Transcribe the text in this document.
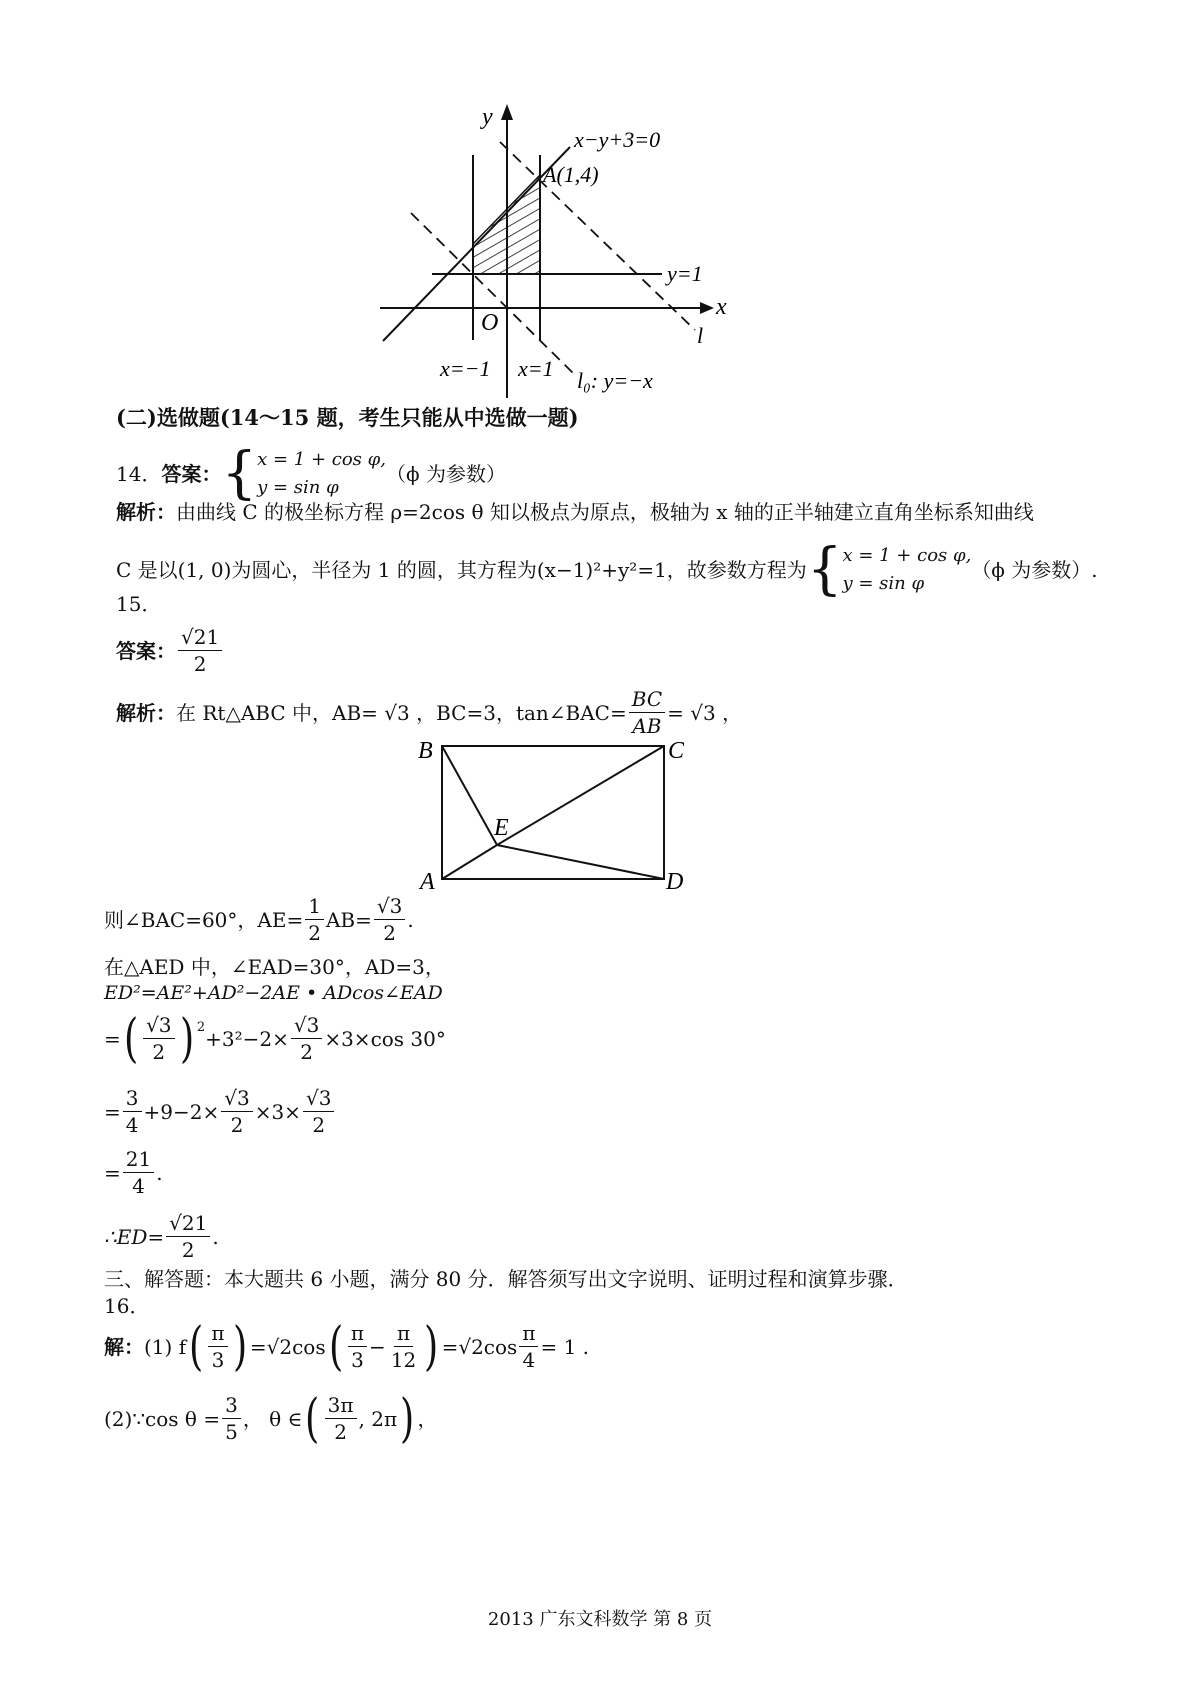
y
x
O
x−y+3=0
A(1,4)
y=1
l
x=−1 x=1 l₀: y=−x
(二)选做题(14～15 题，考生只能从中选做一题)
14． 答案： { x = 1 + cos φ,
y = sin φ
（ϕ 为参数）
解析：由曲线 C 的极坐标方程 ρ=2cos θ 知以极点为原点，极轴为 x 轴的正半轴建立直角坐标系知曲线
C 是以(1, 0)为圆心，半径为 1 的圆，其方程为(x−1)²+y²=1，故参数方程为 { x = 1 + cos φ,
y = sin φ
（ϕ 为参数）.
15．
答案： $\frac{√21}{2}$
解析： 在 Rt△ABC 中，AB= √3 ，BC=3，tan∠BAC= $\frac{BC}{AB} = √3$ ，
B	C
A	D
E
则∠BAC=60°，$AE= \frac{1}{2} AB= \frac{√3}{2}$ .
在△AED 中，∠EAD=30°，AD=3，
ED²=AE²+AD²−2AE • ADcos∠EAD
= ( $\frac{√3}{2} )^2 +3^2-2\times \frac{√3}{2} \times 3\times\cos$ 30°
= $\frac{3}{4} +9-2\times \frac{√3}{2} \times 3\times \frac{√3}{2}$
= $\frac{21}{4}$ .
∴ED= $\frac{√21}{2}$ .
三、解答题：本大题共 6 小题，满分 80 分．解答须写出文字说明、证明过程和演算步骤．
16．
解： (1) f ( $\frac{\pi}{3}$ ) = √2cos ( $\frac{\pi}{3} - \frac{\pi}{12}$ ) = $√2\cos \frac{\pi}{4} = 1$ .
(2)∵cos $\theta = \frac{3}{5}$ ， θ ∈ ( $\frac{3\pi}{2}$ , 2π ) ，
2013 广东文科数学 第 8 页
